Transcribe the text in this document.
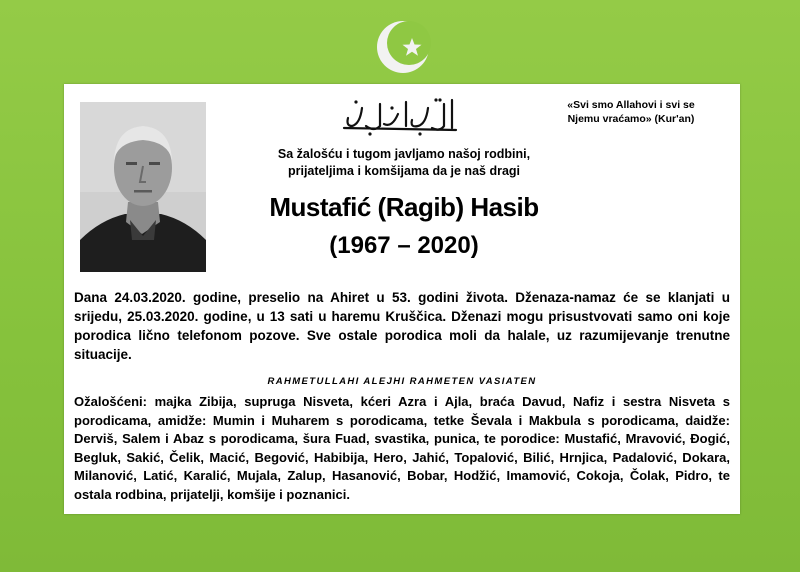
«Svi smo Allahovi i svi se
Njemu vraćamo» (Kur'an)
Sa žalošću i tugom javljamo našoj rodbini,
prijateljima i komšijama da je naš dragi
Mustafić (Ragib) Hasib
(1967 – 2020)
Dana 24.03.2020. godine, preselio na Ahiret u 53. godini života. Dženaza-namaz će se klanjati u srijedu, 25.03.2020. godine, u 13 sati u haremu Kruščica. Dženazi mogu prisustvovati samo oni koje porodica lično telefonom pozove. Sve ostale porodica moli da halale, uz razumijevanje trenutne situacije.
RAHMETULLAHI ALEJHI RAHMETEN VASIATEN
Ožalošćeni: majka Zibija, supruga Nisveta, kćeri Azra i Ajla, braća Davud, Nafiz i sestra Nisveta s porodicama, amidže: Mumin i Muharem s porodicama, tetke Ševala i Makbula s porodicama, daidže: Derviš, Salem i Abaz s porodicama, šura Fuad, svastika, punica, te porodice: Mustafić, Mravović, Đogić, Begluk, Sakić, Čelik, Macić, Begović, Habibija, Hero, Jahić, Topalović, Bilić, Hrnjica, Padalović, Dokara, Milanović, Latić, Karalić, Mujala, Zalup, Hasanović, Bobar, Hodžić, Imamović, Cokoja, Čolak, Pidro, te ostala rodbina, prijatelji, komšije i poznanici.
